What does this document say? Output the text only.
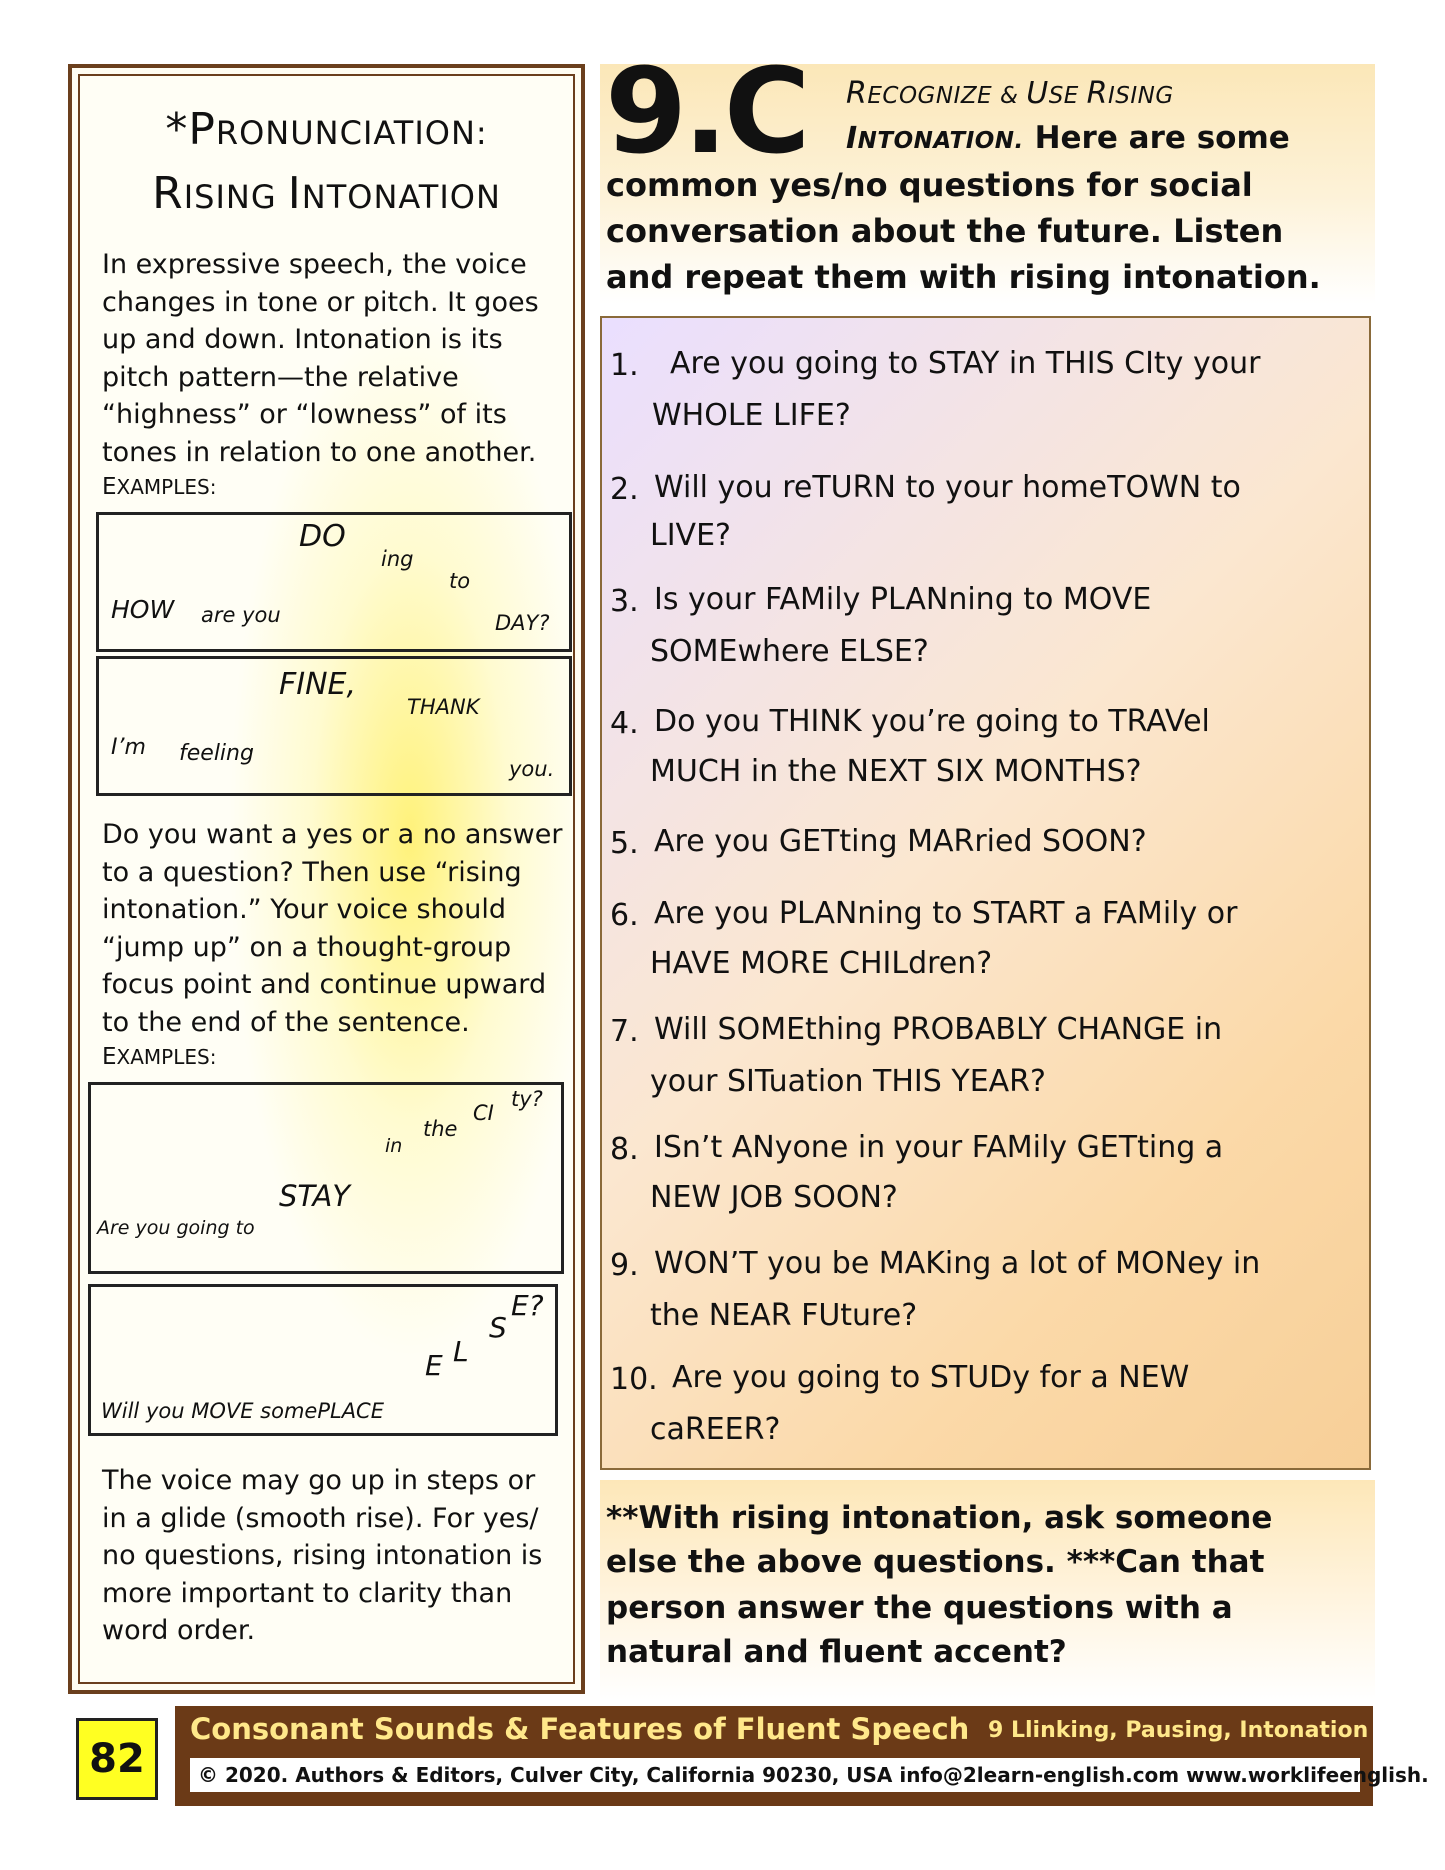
*PRONUNCIATION:
RISING INTONATION
In expressive speech, the voice
changes in tone or pitch. It goes
up and down. Intonation is its
pitch pattern—the relative
“highness” or “lowness” of its
tones in relation to one another.
EXAMPLES:
DO
ing
to
HOW are you	DAY?
FINE,
THANK
I’m feeling
you.
Do you want a yes or a no answer
to a question? Then use “rising
intonation.” Your voice should
“jump up” on a thought-group
focus point and continue upward
to the end of the sentence.
EXAMPLES:
ty?
CI
the
in
STAY
Are you going to
E?
S
L
E
Will you MOVE somePLACE
The voice may go up in steps or
in a glide (smooth rise). For yes/
no questions, rising intonation is
more important to clarity than
word order.
9.C RECOGNIZE & USE RISING
INTONATION. Here are some
common yes/no questions for social
conversation about the future. Listen
and repeat them with rising intonation.
1. Are you going to STAY in THIS CIty your
WHOLE LIFE?
2. Will you reTURN to your homeTOWN to
LIVE?
3. Is your FAMily PLANning to MOVE
SOMEwhere ELSE?
4. Do you THINK you’re going to TRAVel
MUCH in the NEXT SIX MONTHS?
5. Are you GETting MARried SOON?
6. Are you PLANning to START a FAMily or
HAVE MORE CHILdren?
7. Will SOMEthing PROBABLY CHANGE in
your SITuation THIS YEAR?
8. ISn’t ANyone in your FAMily GETting a
NEW JOB SOON?
9. WON’T you be MAKing a lot of MONey in
the NEAR FUture?
10. Are you going to STUDy for a NEW
caREER?
**With rising intonation, ask someone
else the above questions. ***Can that
person answer the questions with a
natural and fluent accent?
82
Consonant Sounds & Features of Fluent Speech 9 Llinking, Pausing, Intonation
© 2020. Authors & Editors, Culver City, California 90230, USA info@2learn-english.com www.worklifeenglish.
